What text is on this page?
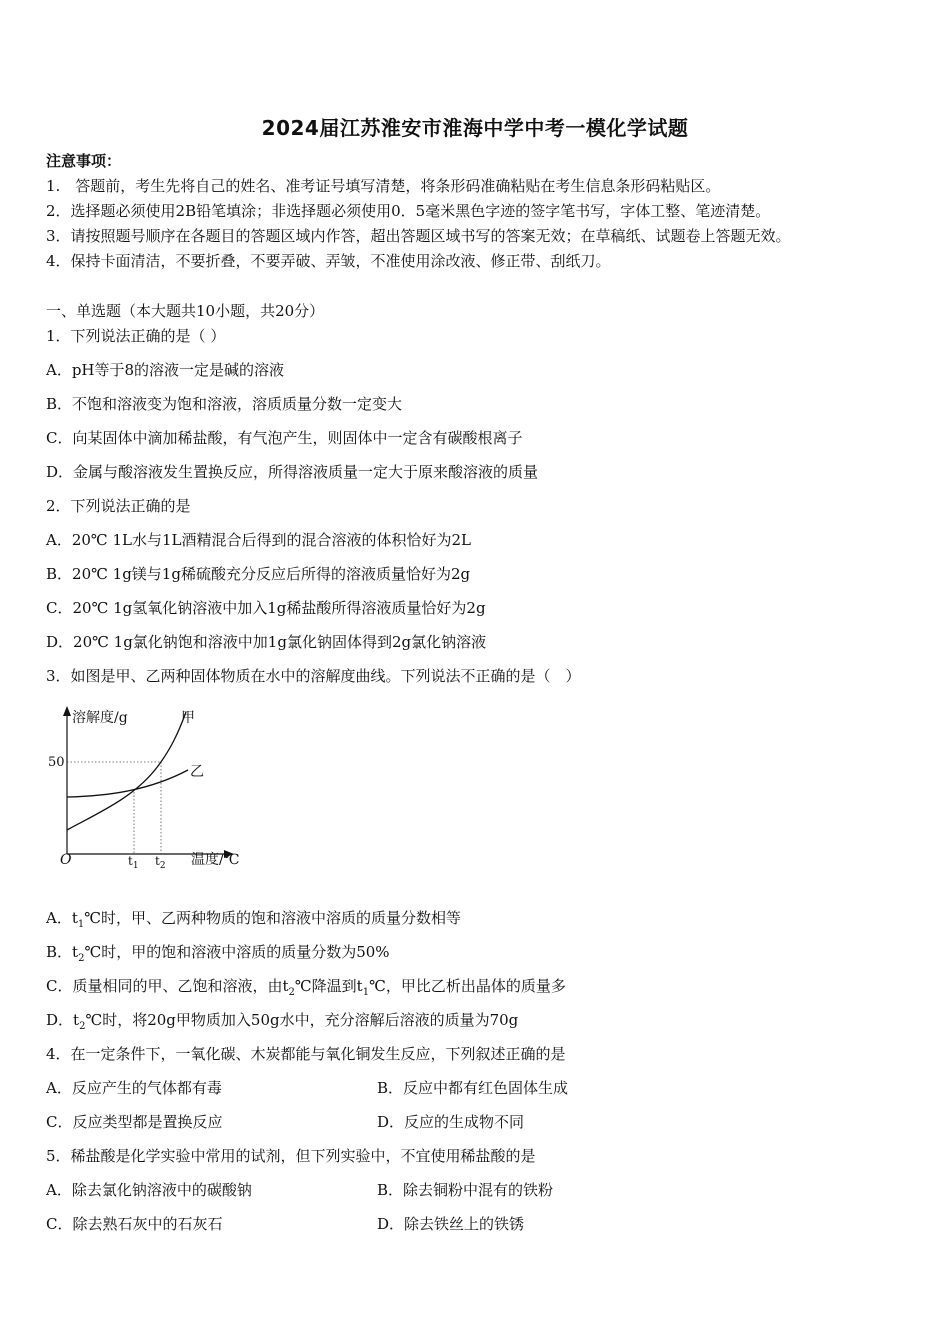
2024届江苏淮安市淮海中学中考一模化学试题
注意事项：
1.　答题前，考生先将自己的姓名、准考证号填写清楚，将条形码准确粘贴在考生信息条形码粘贴区。
2．选择题必须使用2B铅笔填涂；非选择题必须使用0．5毫米黑色字迹的签字笔书写，字体工整、笔迹清楚。
3．请按照题号顺序在各题目的答题区域内作答，超出答题区域书写的答案无效；在草稿纸、试题卷上答题无效。
4．保持卡面清洁，不要折叠，不要弄破、弄皱，不准使用涂改液、修正带、刮纸刀。
一、单选题（本大题共10小题，共20分）
1．下列说法正确的是（ ）
A．pH等于8的溶液一定是碱的溶液
B．不饱和溶液变为饱和溶液，溶质质量分数一定变大
C．向某固体中滴加稀盐酸，有气泡产生，则固体中一定含有碳酸根离子
D．金属与酸溶液发生置换反应，所得溶液质量一定大于原来酸溶液的质量
2．下列说法正确的是
A．20℃ 1L水与1L酒精混合后得到的混合溶液的体积恰好为2L
B．20℃ 1g镁与1g稀硫酸充分反应后所得的溶液质量恰好为2g
C．20℃ 1g氢氧化钠溶液中加入1g稀盐酸所得溶液质量恰好为2g
D．20℃ 1g氯化钠饱和溶液中加1g氯化钠固体得到2g氯化钠溶液
3．如图是甲、乙两种固体物质在水中的溶解度曲线。下列说法不正确的是（　）
溶解度/g
温度/℃
O
50
$t_1$ $t_2$
甲
乙
A．$t_1℃$时，甲、乙两种物质的饱和溶液中溶质的质量分数相等
B．$t_2℃$时，甲的饱和溶液中溶质的质量分数为50%
C．质量相同的甲、乙饱和溶液，由$t_2℃$降温到$t_1℃$，甲比乙析出晶体的质量多
D．$t_2℃$时，将20g甲物质加入50g水中，充分溶解后溶液的质量为70g
4．在一定条件下，一氧化碳、木炭都能与氧化铜发生反应，下列叙述正确的是
A．反应产生的气体都有毒	B．反应中都有红色固体生成
C．反应类型都是置换反应	D．反应的生成物不同
5．稀盐酸是化学实验中常用的试剂，但下列实验中，不宜使用稀盐酸的是
A．除去氯化钠溶液中的碳酸钠	B．除去铜粉中混有的铁粉
C．除去熟石灰中的石灰石	D．除去铁丝上的铁锈
